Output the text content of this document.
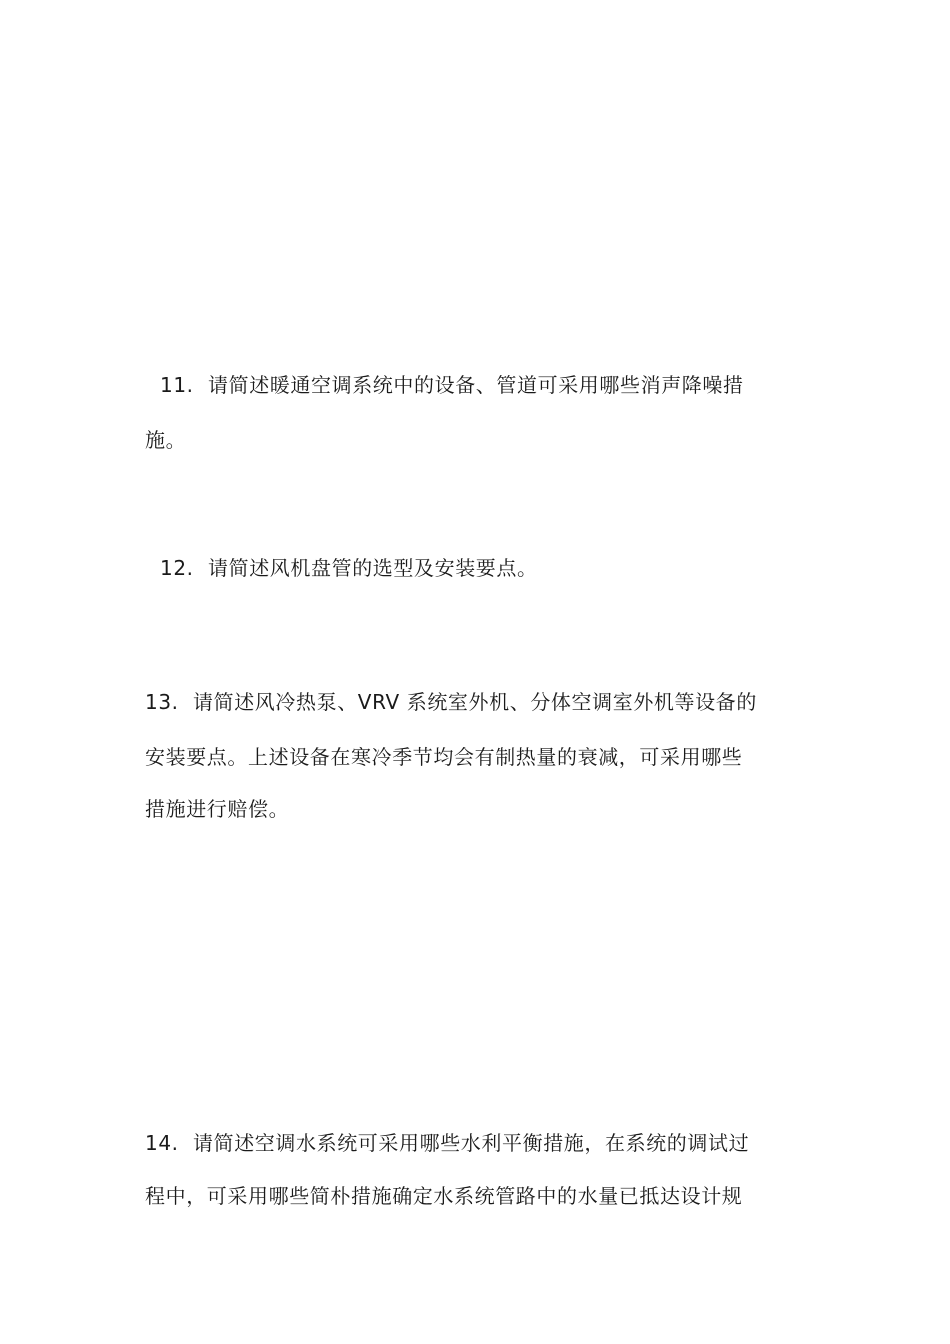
11. 请简述暖通空调系统中的设备、管道可采用哪些消声降噪措
施。
12. 请简述风机盘管的选型及安装要点。
13. 请简述风冷热泵、VRV 系统室外机、分体空调室外机等设备的
安装要点。上述设备在寒冷季节均会有制热量的衰减，可采用哪些
措施进行赔偿。
14. 请简述空调水系统可采用哪些水利平衡措施，在系统的调试过
程中，可采用哪些简朴措施确定水系统管路中的水量已抵达设计规
